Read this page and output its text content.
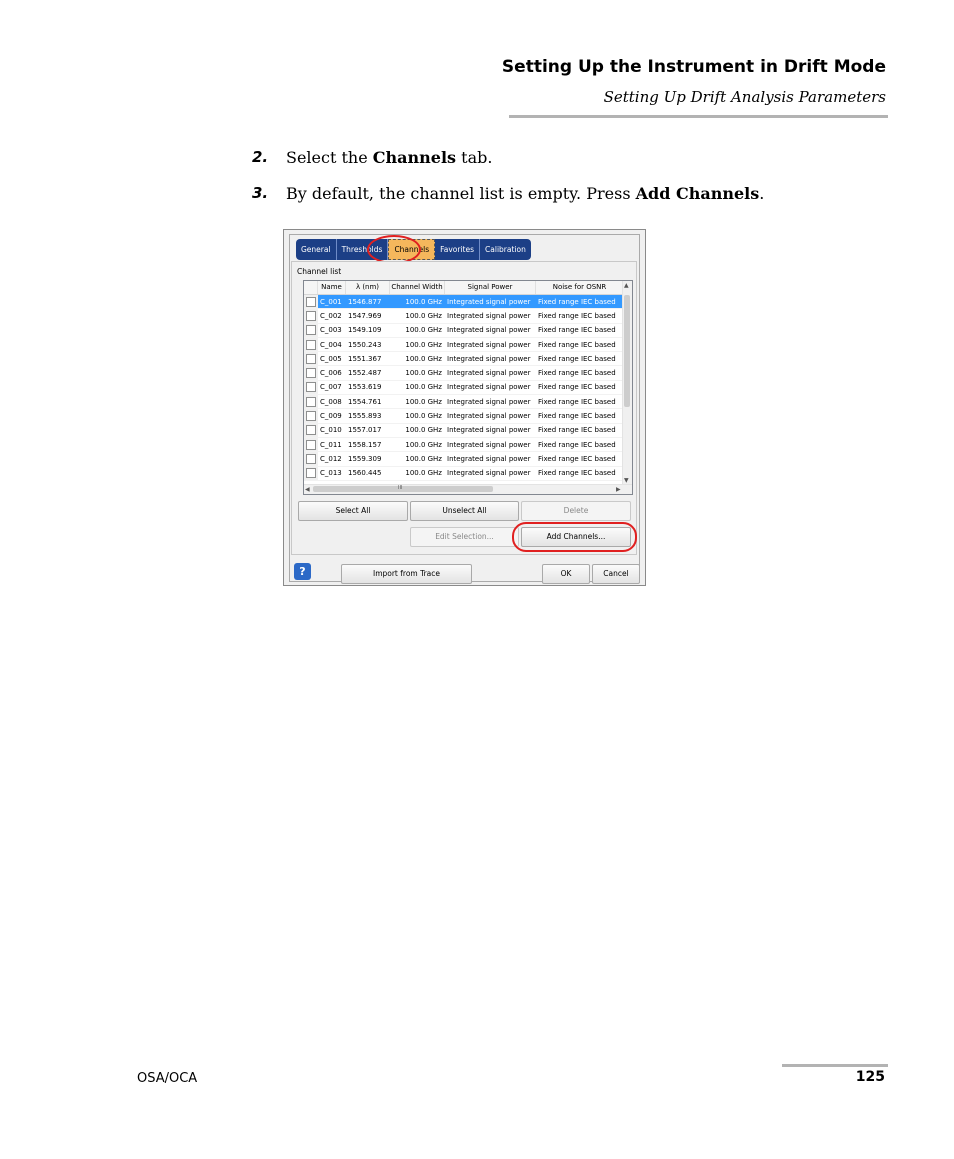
Setting Up the Instrument in Drift Mode
Setting Up Drift Analysis Parameters
2. Select the Channels tab.
3. By default, the channel list is empty. Press Add Channels.
General	Thresholds	Channels	Favorites	Calibration
Channel list
Name	λ (nm)	Channel Width	Signal Power	Noise for OSNR
C_001 1546.877	100.0 GHz Integrated signal power	Fixed range IEC based
C_002 1547.969	100.0 GHz Integrated signal power	Fixed range IEC based
C_003 1549.109	100.0 GHz Integrated signal power	Fixed range IEC based
C_004 1550.243	100.0 GHz Integrated signal power	Fixed range IEC based
C_005 1551.367	100.0 GHz Integrated signal power	Fixed range IEC based
C_006 1552.487	100.0 GHz Integrated signal power	Fixed range IEC based
C_007 1553.619	100.0 GHz Integrated signal power	Fixed range IEC based
C_008 1554.761	100.0 GHz Integrated signal power	Fixed range IEC based
C_009 1555.893	100.0 GHz Integrated signal power	Fixed range IEC based
C_010 1557.017	100.0 GHz Integrated signal power	Fixed range IEC based
C_011 1558.157	100.0 GHz Integrated signal power	Fixed range IEC based
C_012 1559.309	100.0 GHz Integrated signal power	Fixed range IEC based
C_013 1560.445	100.0 GHz Integrated signal power	Fixed range IEC based
▲
▼
◀	III	▶
Select All	Unselect All	Delete
Edit Selection...	Add Channels...
?	Import from Trace	OK	Cancel
OSA/OCA	125
